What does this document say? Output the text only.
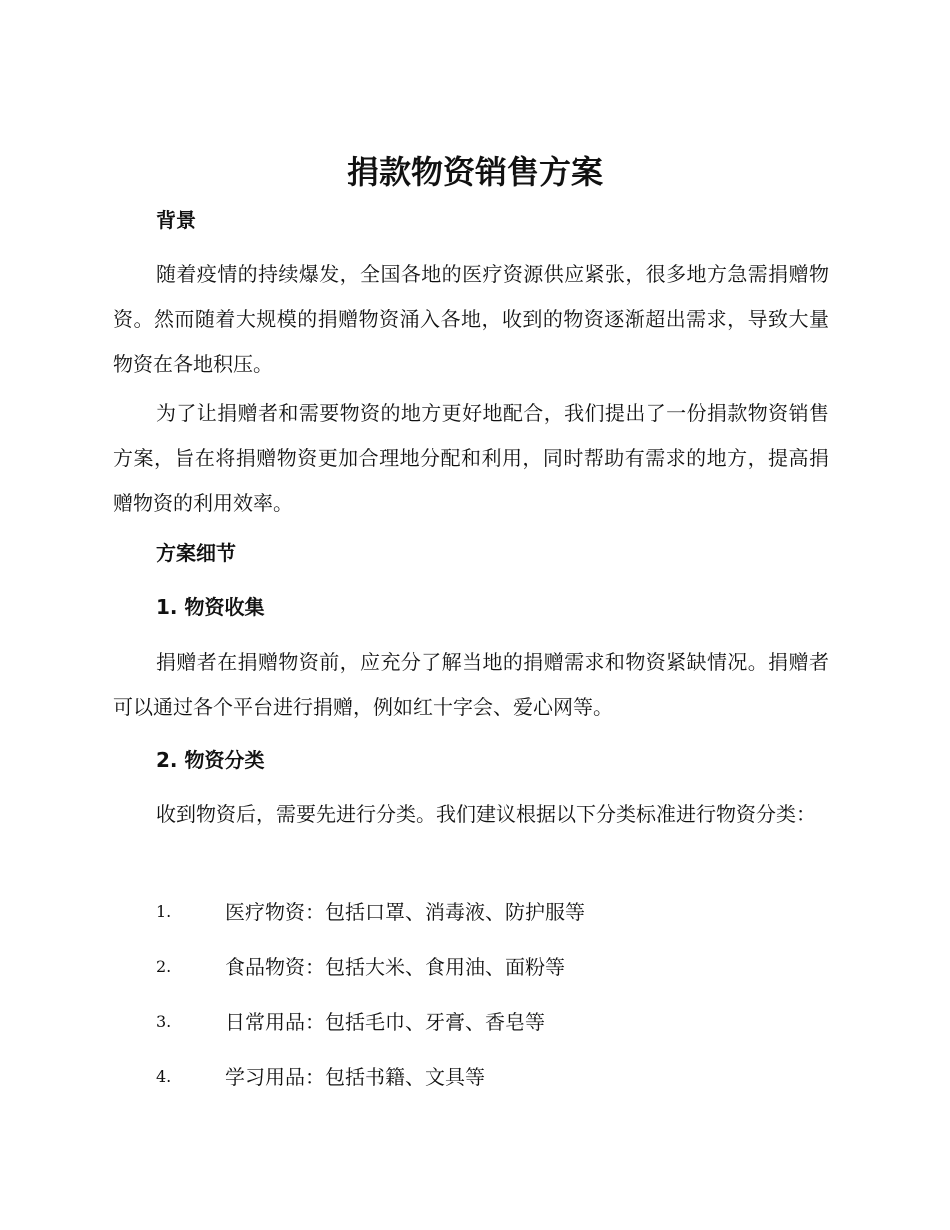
捐款物资销售方案
背景

随着疫情的持续爆发，全国各地的医疗资源供应紧张，很多地方急需捐赠物资。然而随着大规模的捐赠物资涌入各地，收到的物资逐渐超出需求，导致大量物资在各地积压。

为了让捐赠者和需要物资的地方更好地配合，我们提出了一份捐款物资销售方案，旨在将捐赠物资更加合理地分配和利用，同时帮助有需求的地方，提高捐赠物资的利用效率。

方案细节
1. 物资收集

捐赠者在捐赠物资前，应充分了解当地的捐赠需求和物资紧缺情况。捐赠者可以通过各个平台进行捐赠，例如红十字会、爱心网等。

2. 物资分类

收到物资后，需要先进行分类。我们建议根据以下分类标准进行物资分类：

1.	医疗物资：包括口罩、消毒液、防护服等
2.	食品物资：包括大米、食用油、面粉等
3.	日常用品：包括毛巾、牙膏、香皂等
4.	学习用品：包括书籍、文具等
